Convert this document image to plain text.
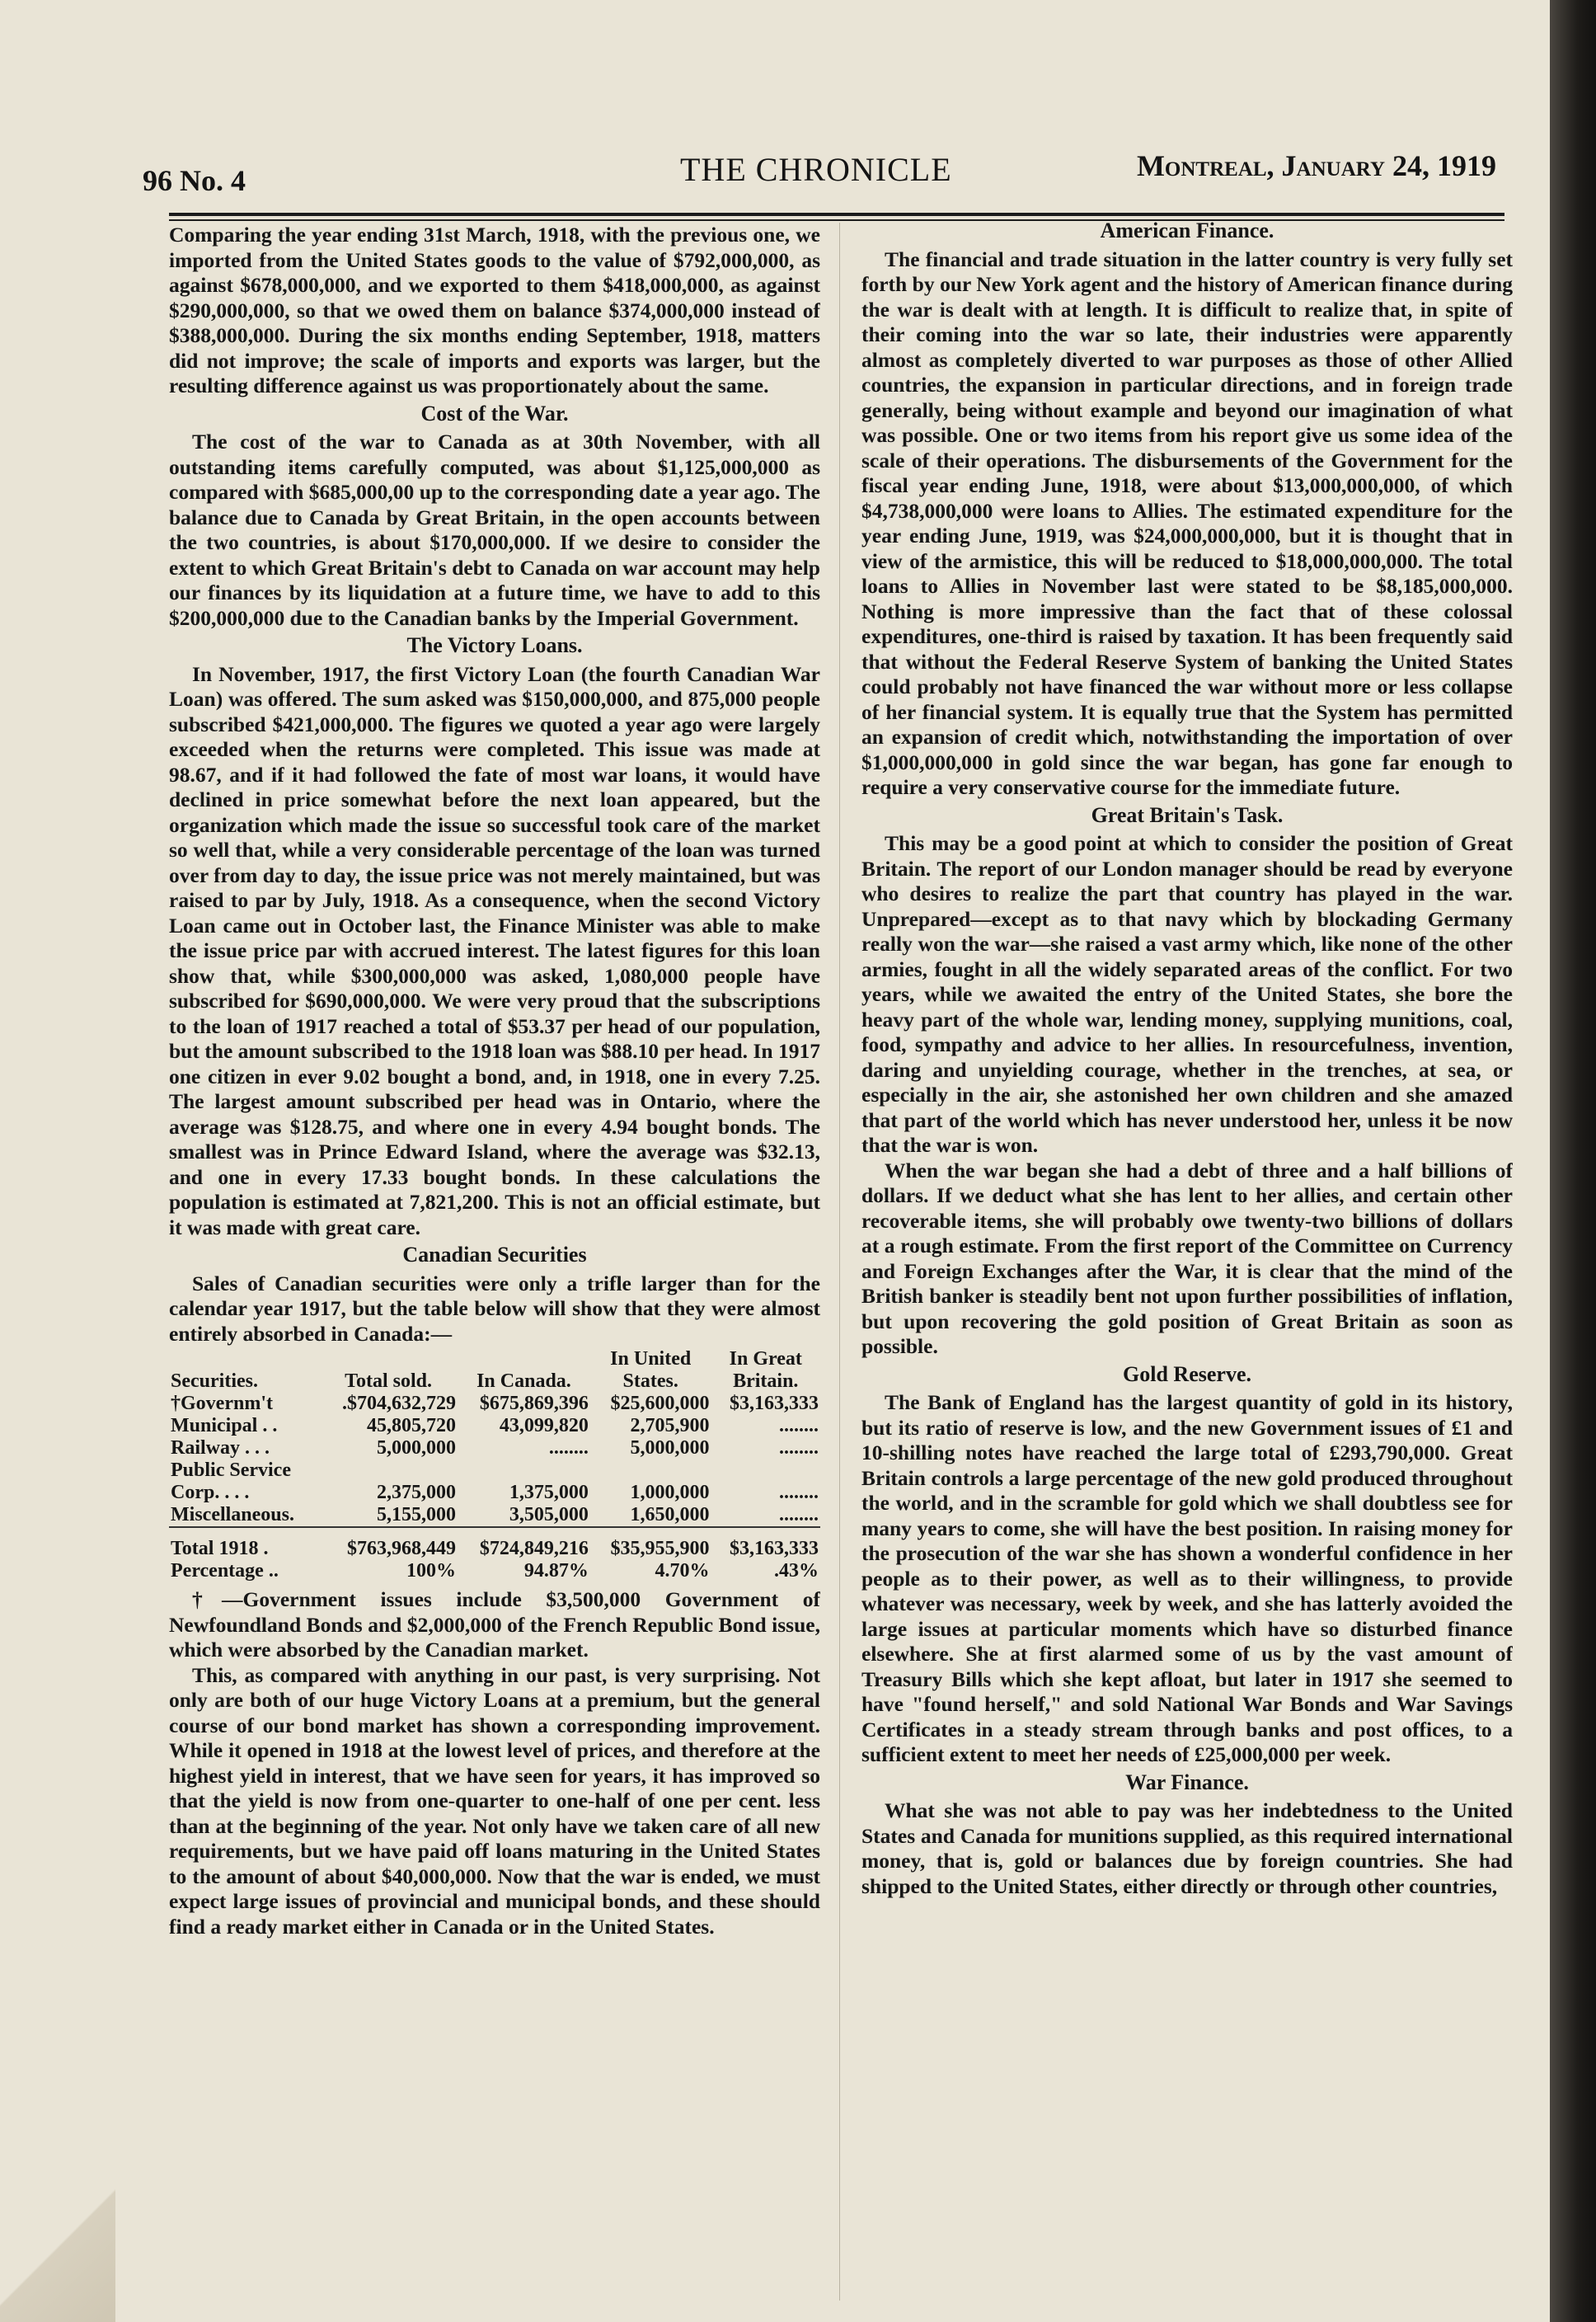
96 No. 4	THE CHRONICLE	Montreal, January 24, 1919

Comparing the year ending 31st March, 1918, with the previous one, we imported from the United States goods to the value of $792,000,000, as against $678,000,000, and we exported to them $418,000,000, as against $290,000,000, so that we owed them on balance $374,000,000 instead of $388,000,000. During the six months ending September, 1918, matters did not improve; the scale of imports and exports was larger, but the resulting difference against us was proportionately about the same.

Cost of the War.

The cost of the war to Canada as at 30th November, with all outstanding items carefully computed, was about $1,125,000,000 as compared with $685,000,00 up to the corresponding date a year ago. The balance due to Canada by Great Britain, in the open accounts between the two countries, is about $170,000,000. If we desire to consider the extent to which Great Britain's debt to Canada on war account may help our finances by its liquidation at a future time, we have to add to this $200,000,000 due to the Canadian banks by the Imperial Government.

The Victory Loans.

In November, 1917, the first Victory Loan (the fourth Canadian War Loan) was offered. The sum asked was $150,000,000, and 875,000 people subscribed $421,000,000. The figures we quoted a year ago were largely exceeded when the returns were completed. This issue was made at 98.67, and if it had followed the fate of most war loans, it would have declined in price somewhat before the next loan appeared, but the organization which made the issue so successful took care of the market so well that, while a very considerable percentage of the loan was turned over from day to day, the issue price was not merely maintained, but was raised to par by July, 1918. As a consequence, when the second Victory Loan came out in October last, the Finance Minister was able to make the issue price par with accrued interest. The latest figures for this loan show that, while $300,000,000 was asked, 1,080,000 people have subscribed for $690,000,000. We were very proud that the subscriptions to the loan of 1917 reached a total of $53.37 per head of our population, but the amount subscribed to the 1918 loan was $88.10 per head. In 1917 one citizen in ever 9.02 bought a bond, and, in 1918, one in every 7.25. The largest amount subscribed per head was in Ontario, where the average was $128.75, and where one in every 4.94 bought bonds. The smallest was in Prince Edward Island, where the average was $32.13, and one in every 17.33 bought bonds. In these calculations the population is estimated at 7,821,200. This is not an official estimate, but it was made with great care.

Canadian Securities

Sales of Canadian securities were only a trifle larger than for the calendar year 1917, but the table below will show that they were almost entirely absorbed in Canada:—

			In United	In Great
Securities.	Total sold.	In Canada.	States.	Britain.
†Governm't	.$704,632,729	$675,869,396	$25,600,000	$3,163,333
Municipal . .	45,805,720	43,099,820	2,705,900	........
Railway . . .	5,000,000	........	5,000,000	........
Public Service				
Corp. . . .	2,375,000	1,375,000	1,000,000	........
Miscellaneous.	5,155,000	3,505,000	1,650,000	........
Total 1918 .	$763,968,449	$724,849,216	$35,955,900	$3,163,333
Percentage ..	100%	94.87%	4.70%	.43%

†—Government issues include $3,500,000 Government of Newfoundland Bonds and $2,000,000 of the French Republic Bond issue, which were absorbed by the Canadian market.

This, as compared with anything in our past, is very surprising. Not only are both of our huge Victory Loans at a premium, but the general course of our bond market has shown a corresponding improvement. While it opened in 1918 at the lowest level of prices, and therefore at the highest yield in interest, that we have seen for years, it has improved so that the yield is now from one-quarter to one-half of one per cent. less than at the beginning of the year. Not only have we taken care of all new requirements, but we have paid off loans maturing in the United States to the amount of about $40,000,000. Now that the war is ended, we must expect large issues of provincial and municipal bonds, and these should find a ready market either in Canada or in the United States.

American Finance.

The financial and trade situation in the latter country is very fully set forth by our New York agent and the history of American finance during the war is dealt with at length. It is difficult to realize that, in spite of their coming into the war so late, their industries were apparently almost as completely diverted to war purposes as those of other Allied countries, the expansion in particular directions, and in foreign trade generally, being without example and beyond our imagination of what was possible. One or two items from his report give us some idea of the scale of their operations. The disbursements of the Government for the fiscal year ending June, 1918, were about $13,000,000,000, of which $4,738,000,000 were loans to Allies. The estimated expenditure for the year ending June, 1919, was $24,000,000,000, but it is thought that in view of the armistice, this will be reduced to $18,000,000,000. The total loans to Allies in November last were stated to be $8,185,000,000. Nothing is more impressive than the fact that of these colossal expenditures, one-third is raised by taxation. It has been frequently said that without the Federal Reserve System of banking the United States could probably not have financed the war without more or less collapse of her financial system. It is equally true that the System has permitted an expansion of credit which, notwithstanding the importation of over $1,000,000,000 in gold since the war began, has gone far enough to require a very conservative course for the immediate future.

Great Britain's Task.

This may be a good point at which to consider the position of Great Britain. The report of our London manager should be read by everyone who desires to realize the part that country has played in the war. Unprepared—except as to that navy which by blockading Germany really won the war—she raised a vast army which, like none of the other armies, fought in all the widely separated areas of the conflict. For two years, while we awaited the entry of the United States, she bore the heavy part of the whole war, lending money, supplying munitions, coal, food, sympathy and advice to her allies. In resourcefulness, invention, daring and unyielding courage, whether in the trenches, at sea, or especially in the air, she astonished her own children and she amazed that part of the world which has never understood her, unless it be now that the war is won.

When the war began she had a debt of three and a half billions of dollars. If we deduct what she has lent to her allies, and certain other recoverable items, she will probably owe twenty-two billions of dollars at a rough estimate. From the first report of the Committee on Currency and Foreign Exchanges after the War, it is clear that the mind of the British banker is steadily bent not upon further possibilities of inflation, but upon recovering the gold position of Great Britain as soon as possible.

Gold Reserve.

The Bank of England has the largest quantity of gold in its history, but its ratio of reserve is low, and the new Government issues of £1 and 10-shilling notes have reached the large total of £293,790,000. Great Britain controls a large percentage of the new gold produced throughout the world, and in the scramble for gold which we shall doubtless see for many years to come, she will have the best position. In raising money for the prosecution of the war she has shown a wonderful confidence in her people as to their power, as well as to their willingness, to provide whatever was necessary, week by week, and she has latterly avoided the large issues at particular moments which have so disturbed finance elsewhere. She at first alarmed some of us by the vast amount of Treasury Bills which she kept afloat, but later in 1917 she seemed to have "found herself," and sold National War Bonds and War Savings Certificates in a steady stream through banks and post offices, to a sufficient extent to meet her needs of £25,000,000 per week.

War Finance.

What she was not able to pay was her indebtedness to the United States and Canada for munitions supplied, as this required international money, that is, gold or balances due by foreign countries. She had shipped to the United States, either directly or through other countries,
